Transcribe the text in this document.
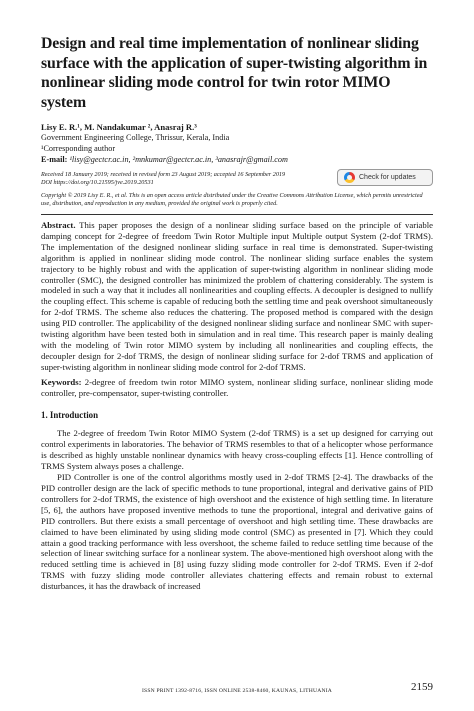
Design and real time implementation of nonlinear sliding surface with the application of super-twisting algorithm in nonlinear sliding mode control for twin rotor MIMO system
Lisy E. R.¹, M. Nandakumar ², Anasraj R.³
Government Engineering College, Thrissur, Kerala, India
¹Corresponding author
E-mail: ¹lisy@gectcr.ac.in, ²mnkumar@gectcr.ac.in, ³anasrajr@gmail.com
Received 18 January 2019; received in revised form 23 August 2019; accepted 16 September 2019
DOI https://doi.org/10.21595/jve.2019.20531
Check for updates
Copyright © 2019 Lisy E. R., et al. This is an open access article distributed under the Creative Commons Attribution License, which permits unrestricted use, distribution, and reproduction in any medium, provided the original work is properly cited.

Abstract. This paper proposes the design of a nonlinear sliding surface based on the principle of variable damping concept for 2-degree of freedom Twin Rotor Multiple input Multiple output System (2-dof TRMS). The implementation of the designed nonlinear sliding surface in real time is demonstrated. Super-twisting algorithm is applied in nonlinear sliding mode control. The nonlinear sliding surface enables the system trajectory to be highly robust and with the application of super-twisting algorithm in nonlinear sliding mode controller (SMC), the designed controller has minimized the problem of chattering considerably. The system is modeled in such a way that it includes all nonlinearities and coupling effects. A decoupler is designed to nullify the coupling effect. This scheme is capable of reducing both the settling time and peak overshoot simultaneously for 2-dof TRMS. The scheme also reduces the chattering. The proposed method is compared with the design using PID controller. The applicability of the designed nonlinear sliding surface and nonlinear SMC with super-twisting algorithm have been tested both in simulation and in real time. This research paper is mainly dealing with the modeling of Twin rotor MIMO system by including all nonlinearities and coupling effects, the decoupler design for 2-dof TRMS, the design of nonlinear sliding surface for 2-dof TRMS and application of super-twisting algorithm in nonlinear sliding mode control for 2-dof TRMS.

Keywords: 2-degree of freedom twin rotor MIMO system, nonlinear sliding surface, nonlinear sliding mode controller, pre-compensator, super-twisting controller.

1. Introduction

The 2-degree of freedom Twin Rotor MIMO System (2-dof TRMS) is a set up designed for carrying out control experiments in laboratories. The behavior of TRMS resembles to that of a helicopter whose performance is described as highly unstable nonlinear dynamics with heavy cross-coupling effects [1]. Hence controlling of TRMS System always poses a challenge.

PID Controller is one of the control algorithms mostly used in 2-dof TRMS [2-4]. The drawbacks of the PID controller design are the lack of specific methods to tune proportional, integral and derivative gains of PID controllers for 2-dof TRMS, the existence of high overshoot and the existence of high settling time. In literature [5, 6], the authors have proposed inventive methods to tune the proportional, integral and derivative gains of PID controllers. But there exists a small percentage of overshoot and high settling time. These drawbacks are claimed to have been eliminated by using sliding mode control (SMC) as presented in [7]. Which they could attain a good tracking performance with less overshoot, the scheme failed to reduce settling time because of the selection of linear switching surface for a nonlinear system. The above-mentioned high overshoot along with the reduced settling time is achieved in [8] using fuzzy sliding mode controller for 2-dof TRMS. Even if 2-dof TRMS with fuzzy sliding mode controller alleviates chattering effects and remain robust to external disturbances, it has the drawback of increased

ISSN PRINT 1392-8716, ISSN ONLINE 2538-8460, KAUNAS, LITHUANIA	2159
